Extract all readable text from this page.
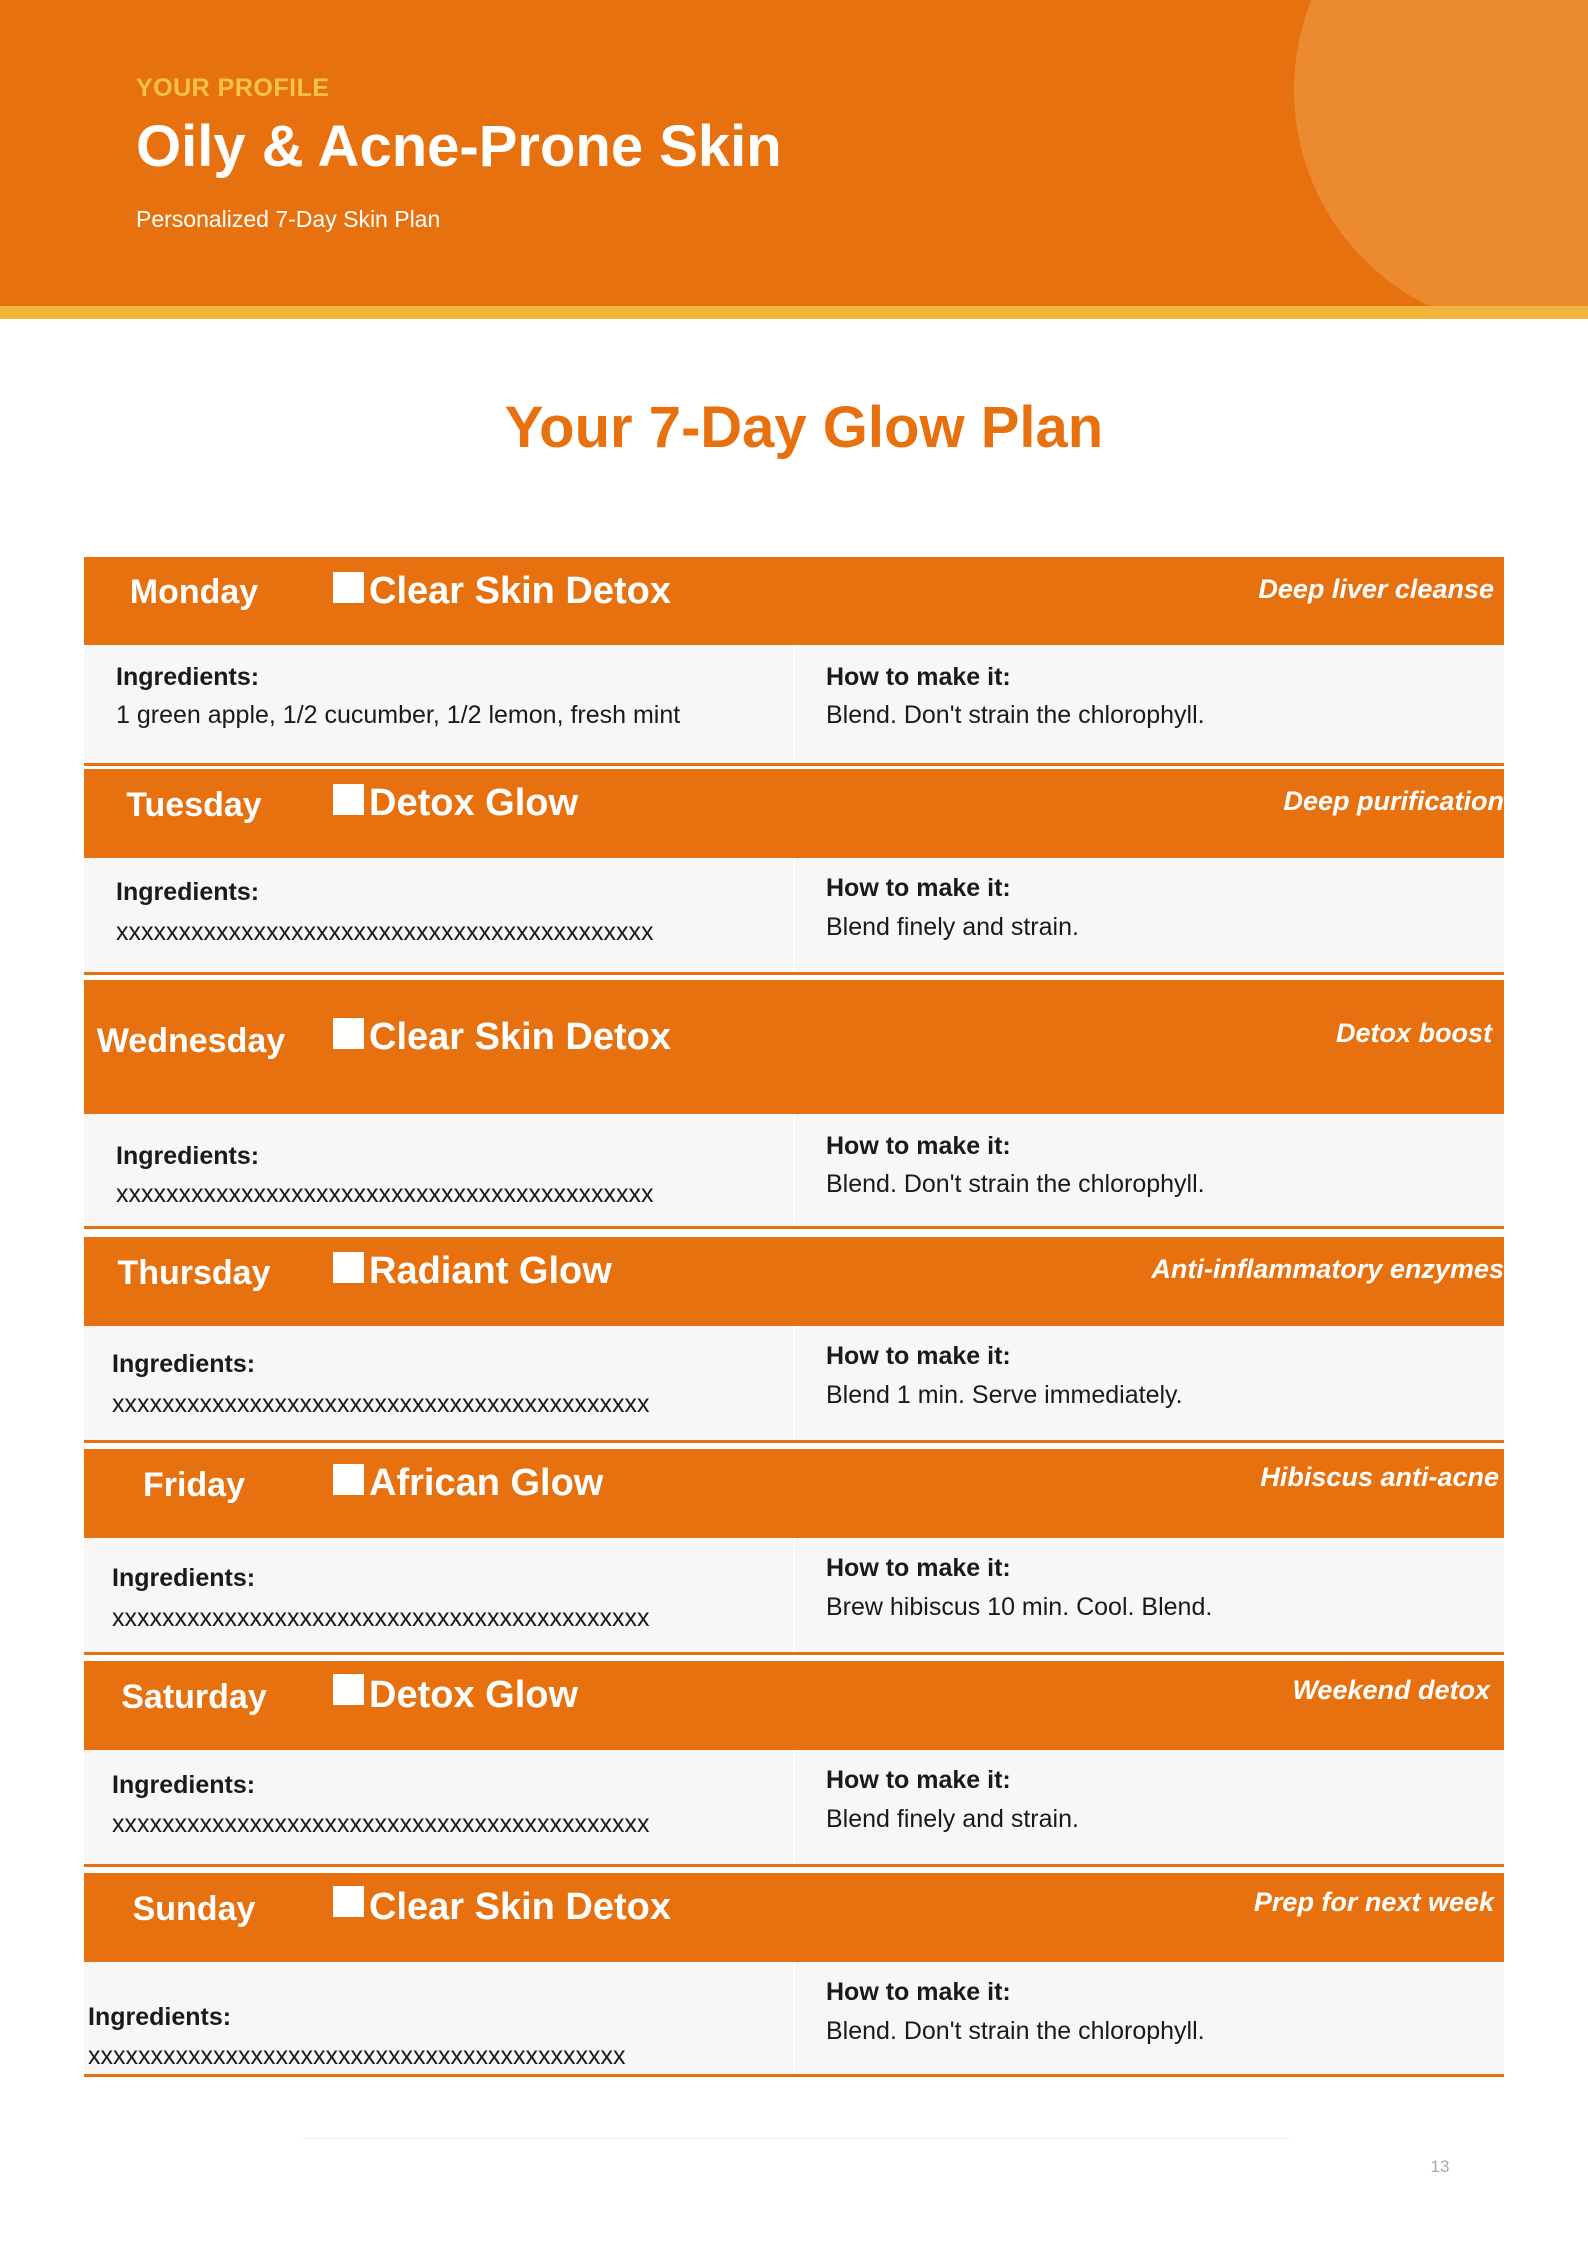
YOUR PROFILE
Oily & Acne-Prone Skin
Personalized 7-Day Skin Plan
Your 7-Day Glow Plan
Monday	Clear Skin Detox	Deep liver cleanse
Ingredients:
1 green apple, 1/2 cucumber, 1/2 lemon, fresh mint
How to make it:
Blend. Don't strain the chlorophyll.
Tuesday	Detox Glow	Deep purification
Ingredients:
xxxxxxxxxxxxxxxxxxxxxxxxxxxxxxxxxxxxxxxxxxx
How to make it:
Blend finely and strain.
Wednesday	Clear Skin Detox	Detox boost
Ingredients:
xxxxxxxxxxxxxxxxxxxxxxxxxxxxxxxxxxxxxxxxxxx
How to make it:
Blend. Don't strain the chlorophyll.
Thursday	Radiant Glow	Anti-inflammatory enzymes
Ingredients:
xxxxxxxxxxxxxxxxxxxxxxxxxxxxxxxxxxxxxxxxxxx
How to make it:
Blend 1 min. Serve immediately.
Friday	African Glow	Hibiscus anti-acne
Ingredients:
xxxxxxxxxxxxxxxxxxxxxxxxxxxxxxxxxxxxxxxxxxx
How to make it:
Brew hibiscus 10 min. Cool. Blend.
Saturday	Detox Glow	Weekend detox
Ingredients:
xxxxxxxxxxxxxxxxxxxxxxxxxxxxxxxxxxxxxxxxxxx
How to make it:
Blend finely and strain.
Sunday	Clear Skin Detox	Prep for next week
Ingredients:
xxxxxxxxxxxxxxxxxxxxxxxxxxxxxxxxxxxxxxxxxxx
How to make it:
Blend. Don't strain the chlorophyll.
13
